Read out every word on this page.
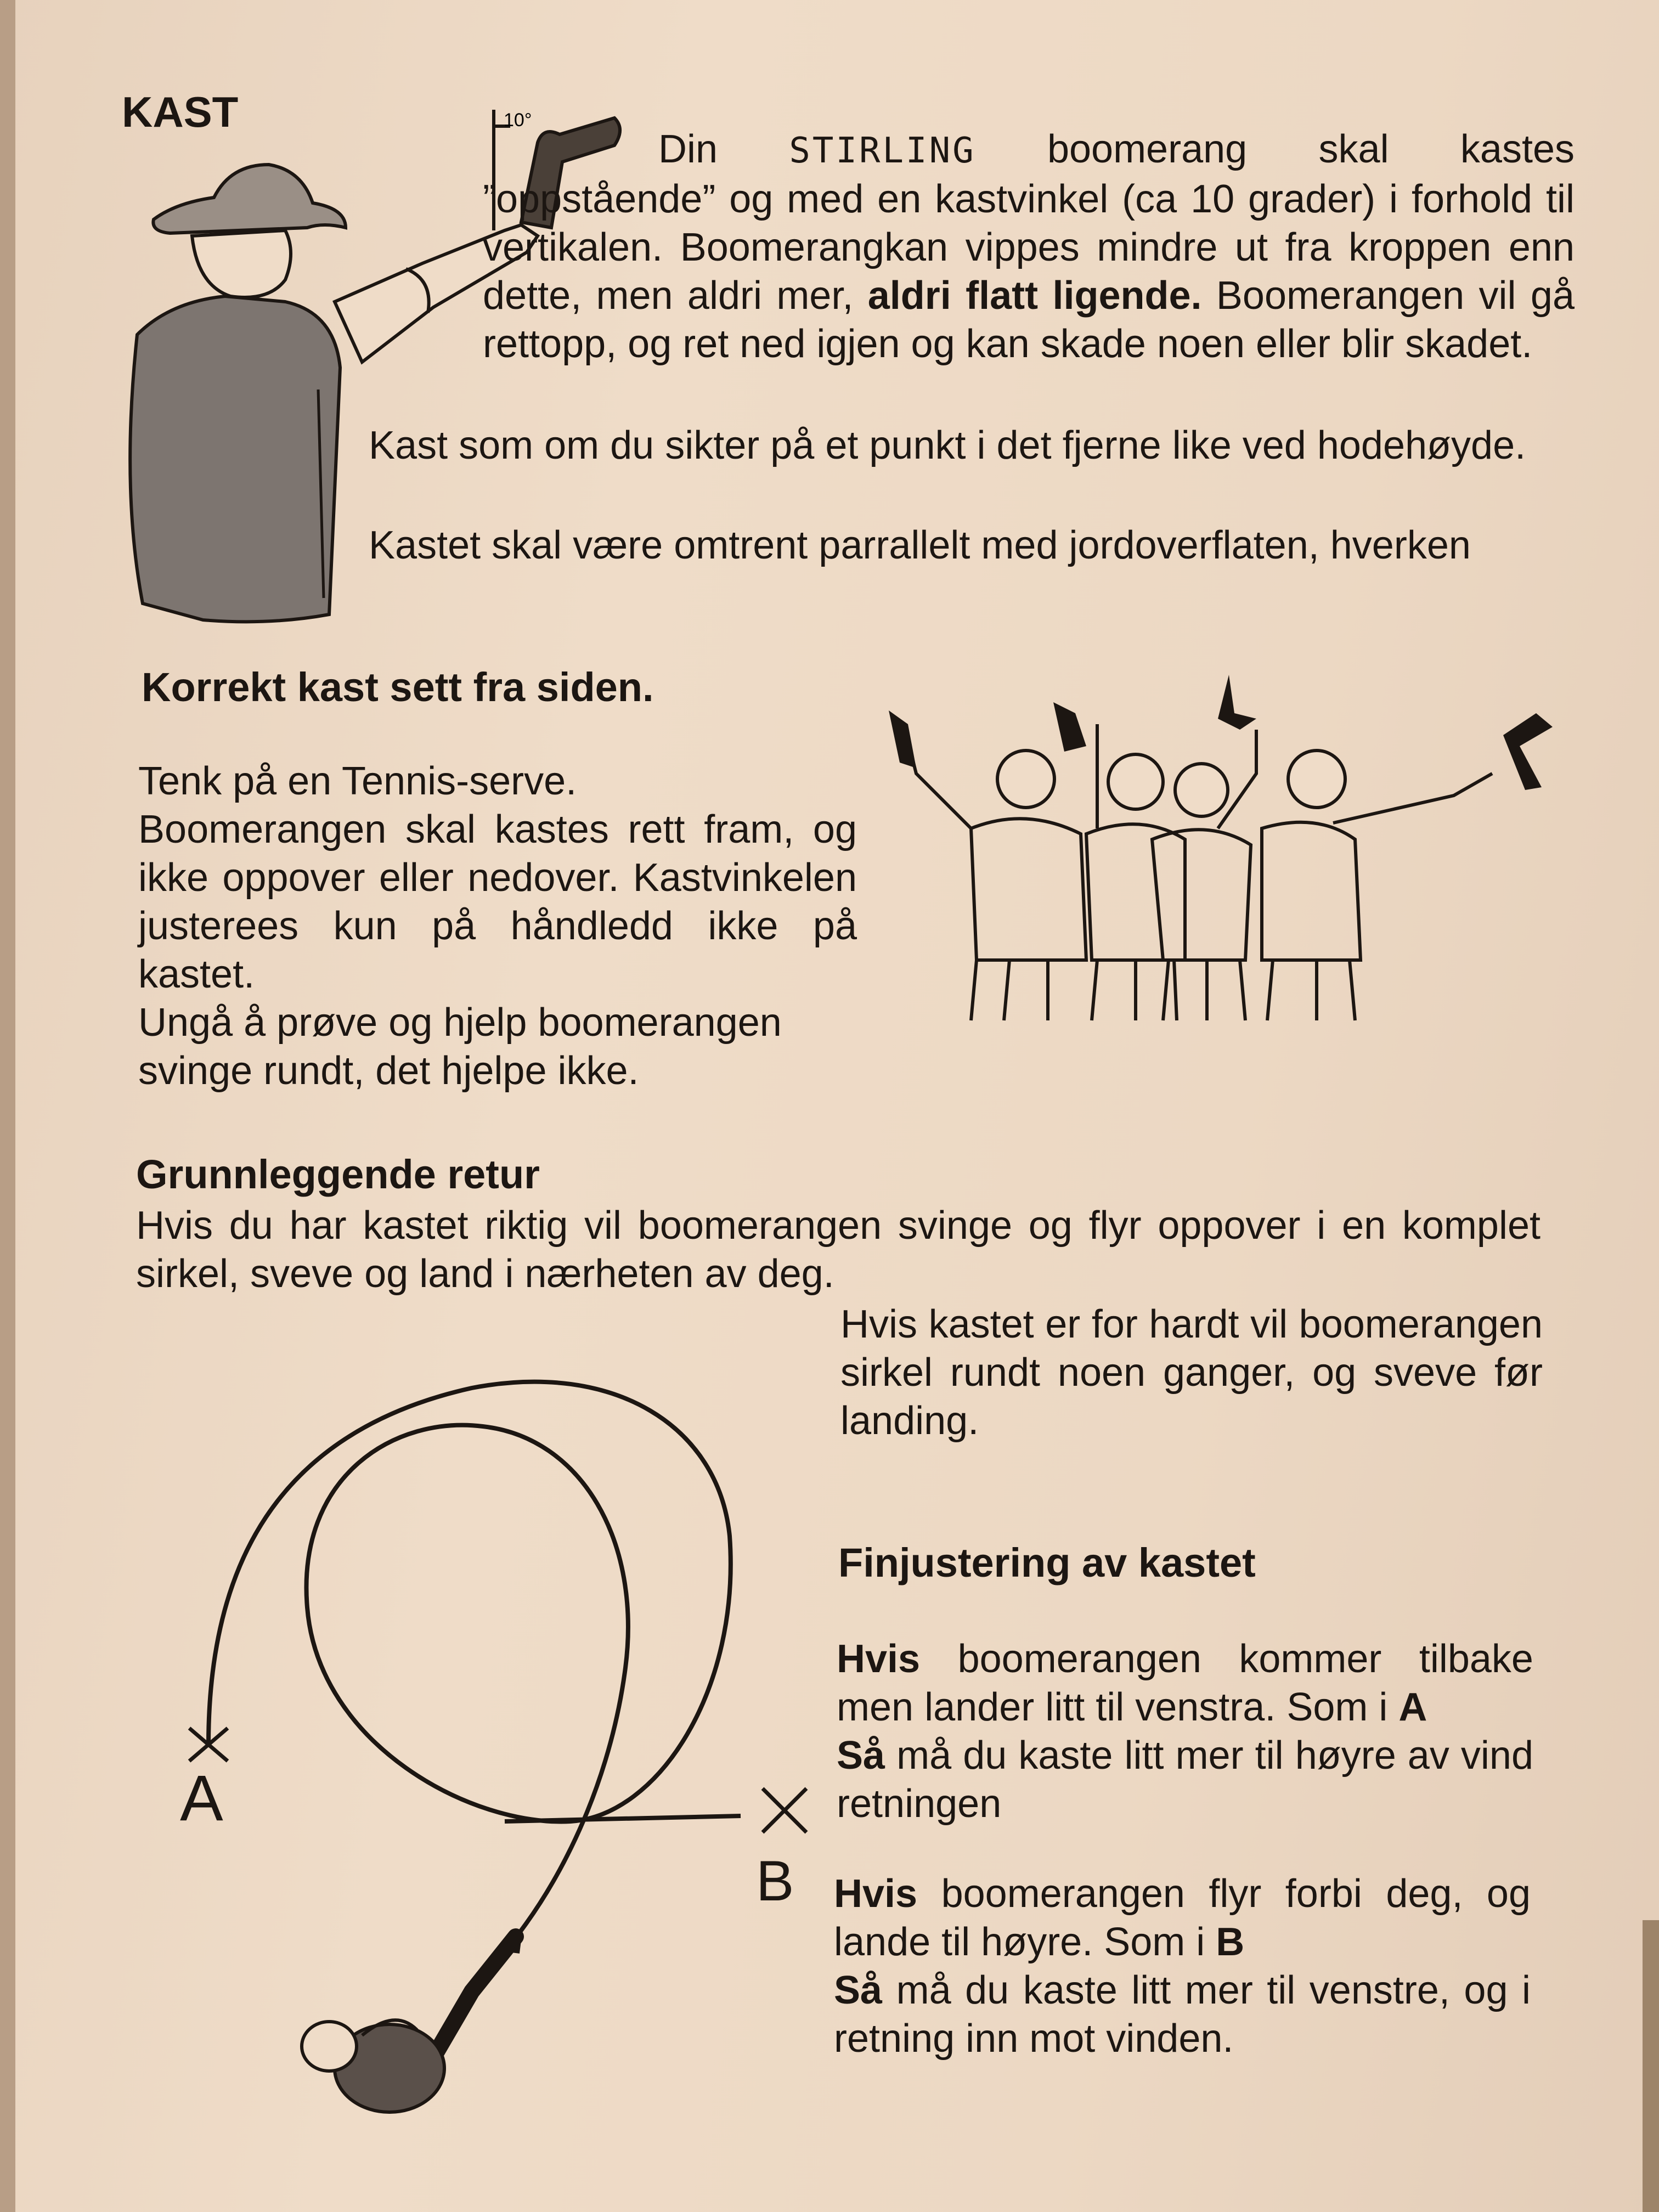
KAST	10°
Din STIRLING boomerang skal kastes ”oppstående” og med en kastvinkel (ca 10 grader) i forhold til vertikalen. Boomerangkan vippes mindre ut fra kroppen enn dette, men aldri mer, aldri flatt ligende. Boomerangen vil gå rettopp, og ret ned igjen og kan skade noen eller blir skadet.
Kast som om du sikter på et punkt i det fjerne like ved hodehøyde.
Kastet skal være omtrent parrallelt med jordoverflaten, hverken
Korrekt kast sett fra siden.
Tenk på en Tennis-serve.
Boomerangen skal kastes rett fram, og ikke oppover eller nedover. Kastvinkelen justerees kun på håndledd ikke på kastet.
Ungå å prøve og hjelp boomerangen svinge rundt, det hjelpe ikke.
Grunnleggende retur
Hvis du har kastet riktig vil boomerangen svinge og flyr oppover i en komplet sirkel, sveve og land i nærheten av deg.
Hvis kastet er for hardt vil boomerangen sirkel rundt noen ganger, og sveve før landing.
A
B
Finjustering av kastet
Hvis boomerangen kommer tilbake men lander litt til venstra. Som i A
Så må du kaste litt mer til høyre av vind retningen
Hvis boomerangen flyr forbi deg, og lande til høyre. Som i B
Så må du kaste litt mer til venstre, og i retning inn mot vinden.
